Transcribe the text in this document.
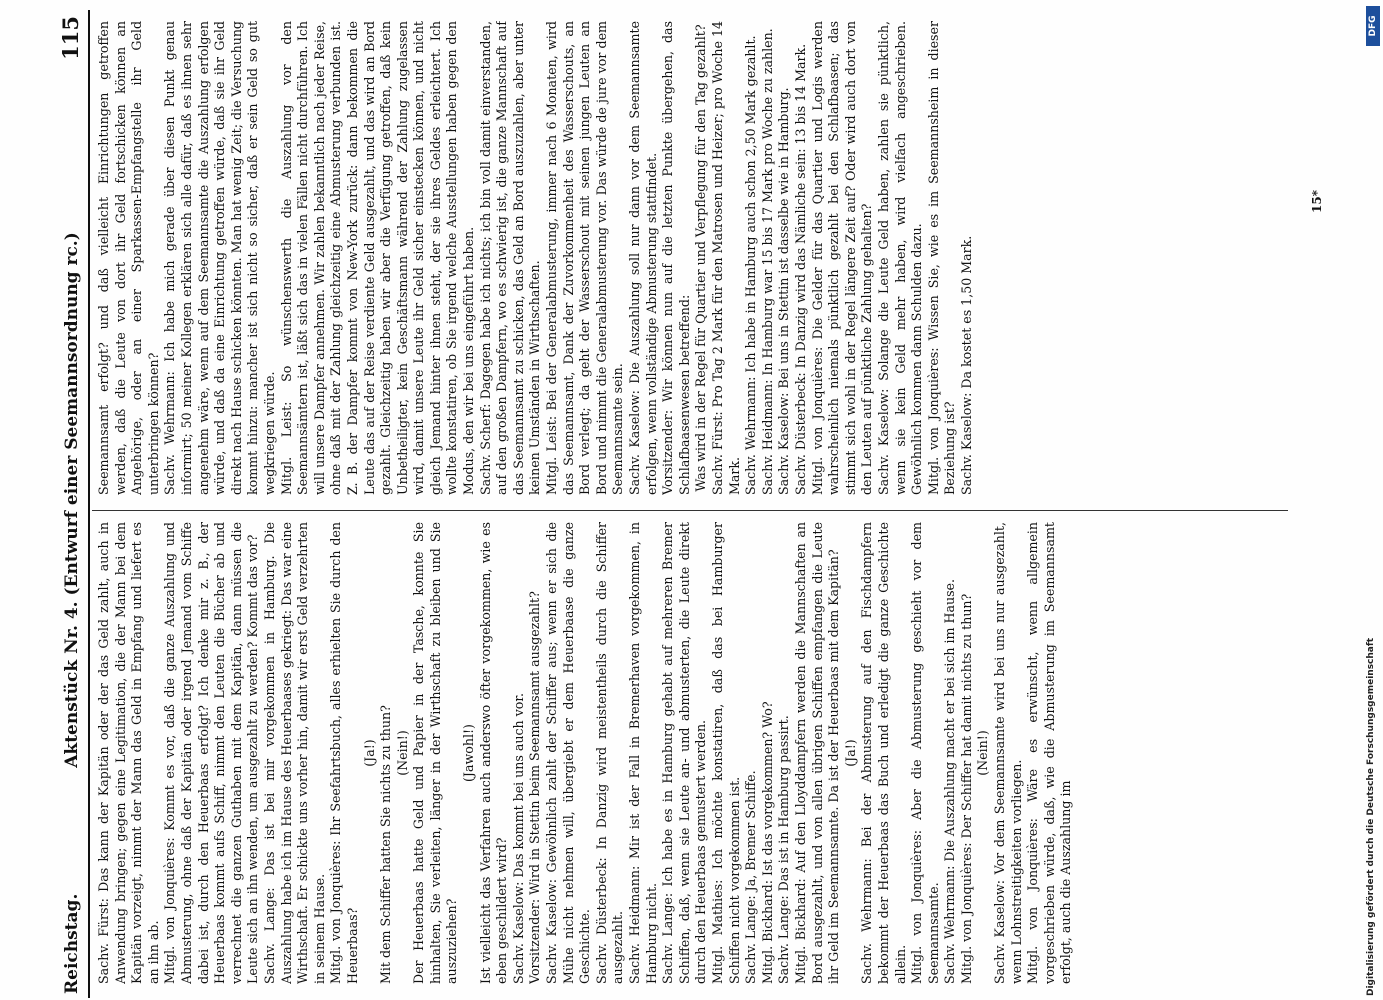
Reichstag.
Aktenstück Nr. 4. (Entwurf einer Seemannsordnung rc.)
115

Sachv. Fürst: Das kann der Kapitän oder der das Geld zahlt, auch in Anwendung bringen; gegen eine Legitimation, die der Mann bei dem Kapitän vorzeigt, nimmt der Mann das Geld in Empfang und liefert es an ihn ab. Mitgl. von Jonquières: Kommt es vor, daß die ganze Auszahlung und Abmusterung, ohne daß der Kapitän oder irgend Jemand vom Schiffe dabei ist, durch den Heuerbaas erfolgt? Ich denke mir z. B., der Heuerbaas kommt aufs Schiff, nimmt den Leuten die Bücher ab und verrechnet die ganzen Guthaben mit dem Kapitän, dann müssen die Leute sich an ihn wenden, um ausgezahlt zu werden? Kommt das vor? Sachv. Lange: Das ist bei mir vorgekommen in Hamburg. Die Auszahlung habe ich im Hause des Heuerbaases gekriegt: Das war eine Wirthschaft. Er schickte uns vorher hin, damit wir erst Geld verzehrten in seinem Hause. Mitgl. von Jonquières: Ihr Seefahrtsbuch, alles erhielten Sie durch den Heuerbaas?

(Ja!) Mit dem Schiffer hatten Sie nichts zu thun? (Nein!) Der Heuerbaas hatte Geld und Papier in der Tasche, konnte Sie hinhalten, Sie verleiten, länger in der Wirthschaft zu bleiben und Sie auszuziehen?

(Jawohl!) Ist vielleicht das Verfahren auch anderswo öfter vorgekommen, wie es eben geschildert wird? Sachv. Kaselow: Das kommt bei uns auch vor. Vorsitzender: Wird in Stettin beim Seemannsamt ausgezahlt? Sachv. Kaselow: Gewöhnlich zahlt der Schiffer aus; wenn er sich die Mühe nicht nehmen will, übergiebt er dem Heuerbaase die ganze Geschichte. Sachv. Düsterbeck: In Danzig wird meistentheils durch die Schiffer ausgezahlt. Sachv. Heidmann: Mir ist der Fall in Bremerhaven vorgekommen, in Hamburg nicht. Sachv. Lange: Ich habe es in Hamburg gehabt auf mehreren Bremer Schiffen, daß, wenn sie Leute an- und abmusterten, die Leute direkt durch den Heuerbaas gemustert werden. Mitgl. Mathies: Ich möchte konstatiren, daß das bei Hamburger Schiffen nicht vorgekommen ist. Sachv. Lange: Ja, Bremer Schiffe. Mitgl. Bickhard: Ist das vorgekommen? Wo? Sachv. Lange: Das ist in Hamburg passirt. Mitgl. Bickhard: Auf den Lloyddampfern werden die Mannschaften an Bord ausgezahlt, und von allen übrigen Schiffen empfangen die Leute ihr Geld im Seemannsamte. Da ist der Heuerbaas mit dem Kapitän? (Ja!) Sachv. Wehrmann: Bei der Abmusterung auf den Fischdampfern bekommt der Heuerbaas das Buch und erledigt die ganze Geschichte allein. Mitgl. von Jonquières: Aber die Abmusterung geschieht vor dem Seemannsamte. Sachv. Wehrmann: Die Auszahlung macht er bei sich im Hause. Mitgl. von Jonquières: Der Schiffer hat damit nichts zu thun? (Nein!) Sachv. Kaselow: Vor dem Seemannsamte wird bei uns nur ausgezahlt, wenn Lohnstreitigkeiten vorliegen. Mitgl. von Jonquières: Wäre es erwünscht, wenn allgemein vorgeschrieben würde, daß, wie die Abmusterung im Seemannsamt erfolgt, auch die Auszahlung im

Seemannsamt erfolgt? und daß vielleicht Einrichtungen getroffen werden, daß die Leute von dort ihr Geld fortschicken können an Angehörige, oder an einer Sparkassen-Empfangstelle ihr Geld unterbringen können? Sachv. Wehrmann: Ich habe mich gerade über diesen Punkt genau informirt; 50 meiner Kollegen erklären sich alle dafür, daß es ihnen sehr angenehm wäre, wenn auf dem Seemannsamte die Auszahlung erfolgen würde, und daß da eine Einrichtung getroffen würde, daß sie ihr Geld direkt nach Hause schicken könnten. Man hat wenig Zeit; die Versuchung kommt hinzu: mancher ist sich nicht so sicher, daß er sein Geld so gut wegkriegen würde. Mitgl. Leist: So wünschenswerth die Auszahlung vor den Seemannsämtern ist, läßt sich das in vielen Fällen nicht durchführen. Ich will unsere Dampfer annehmen. Wir zahlen bekanntlich nach jeder Reise, ohne daß mit der Zahlung gleichzeitig eine Abmusterung verbunden ist. Z. B. der Dampfer kommt von New-York zurück: dann bekommen die Leute das auf der Reise verdiente Geld ausgezahlt, und das wird an Bord gezahlt. Gleichzeitig haben wir aber die Verfügung getroffen, daß kein Unbetheiligter, kein Geschäftsmann während der Zahlung zugelassen wird, damit unsere Leute ihr Geld sicher einstecken können, und nicht gleich Jemand hinter ihnen steht, der sie ihres Geldes erleichtert. Ich wollte konstatiren, ob Sie irgend welche Ausstellungen haben gegen den Modus, den wir bei uns eingeführt haben. Sachv. Scherf: Dagegen habe ich nichts; ich bin voll damit einverstanden, auf den großen Dampfern, wo es schwierig ist, die ganze Mannschaft auf das Seemannsamt zu schicken, das Geld an Bord auszuzahlen, aber unter keinen Umständen in Wirthschaften. Mitgl. Leist: Bei der Generalabmusterung, immer nach 6 Monaten, wird das Seemannsamt, Dank der Zuvorkommenheit des Wasserschouts, an Bord verlegt; da geht der Wasserschout mit seinen jungen Leuten an Bord und nimmt die Generalabmusterung vor. Das würde de jure vor dem Seemannsamte sein. Sachv. Kaselow: Die Auszahlung soll nur dann vor dem Seemannsamte erfolgen, wenn vollständige Abmusterung stattfindet. Vorsitzender: Wir können nun auf die letzten Punkte übergehen, das Schlafbaasenwesen betreffend: Was wird in der Regel für Quartier und Verpflegung für den Tag gezahlt? Sachv. Fürst: Pro Tag 2 Mark für den Matrosen und Heizer; pro Woche 14 Mark. Sachv. Wehrmann: Ich habe in Hamburg auch schon 2,50 Mark gezahlt. Sachv. Heidmann: In Hamburg war 15 bis 17 Mark pro Woche zu zahlen. Sachv. Kaselow: Bei uns in Stettin ist dasselbe wie in Hamburg. Sachv. Düsterbeck: In Danzig wird das Nämliche sein: 13 bis 14 Mark. Mitgl. von Jonquières: Die Gelder für das Quartier und Logis werden wahrscheinlich niemals pünktlich gezahlt bei den Schlafbaasen; das stimmt sich wohl in der Regel längere Zeit auf? Oder wird auch dort von den Leuten auf pünktliche Zahlung gehalten? Sachv. Kaselow: Solange die Leute Geld haben, zahlen sie pünktlich, wenn sie kein Geld mehr haben, wird vielfach angeschrieben. Gewöhnlich kommen dann Schulden dazu. Mitgl. von Jonquières: Wissen Sie, wie es im Seemannsheim in dieser Beziehung ist? Sachv. Kaselow: Da kostet es 1,50 Mark.

15*
DFG
Digitalisierung gefördert durch die Deutsche Forschungsgemeinschaft
